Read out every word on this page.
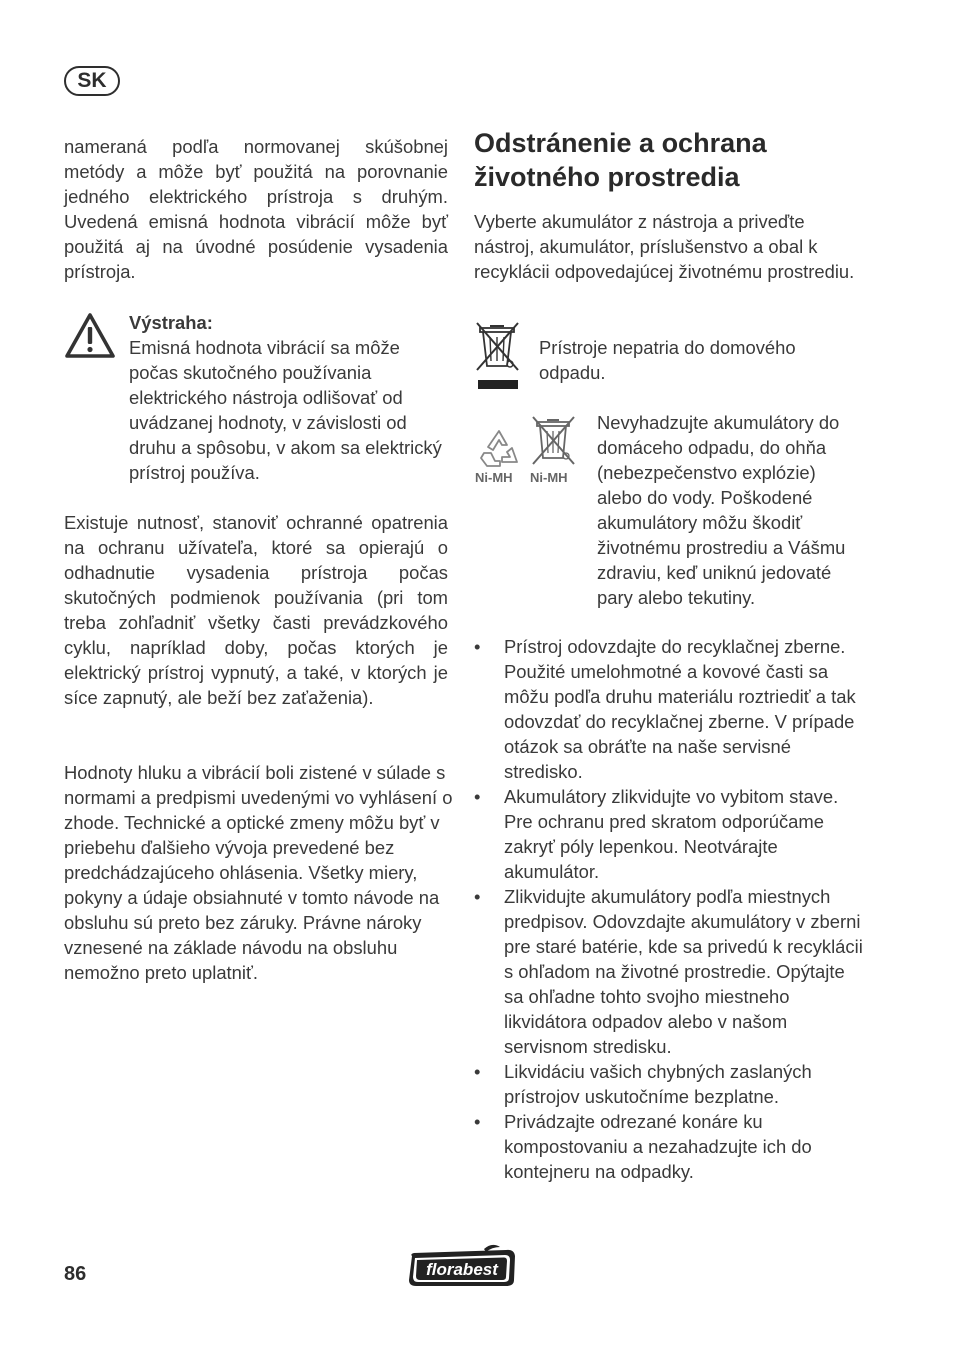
SK

nameraná podľa normovanej skúšobnej metódy a môže byť použitá na porovnanie jedného elektrického prístroja s druhým. Uvedená emisná hodnota vibrácií môže byť použitá aj na úvodné posúdenie vysadenia prístroja.

Výstraha:

Emisná hodnota vibrácií sa môže počas skutočného používania elektrického nástroja odlišovať od uvádzanej hodnoty, v závislosti od druhu a spôsobu, v akom sa elektrický prístroj používa.

Existuje nutnosť, stanoviť ochranné opatrenia na ochranu užívateľa, ktoré sa opierajú o odhadnutie vysadenia prístroja počas skutočných podmienok používania (pri tom treba zohľadniť všetky časti prevádzkového cyklu, napríklad doby, počas ktorých je elektrický prístroj vypnutý, a také, v ktorých je síce zapnutý, ale beží bez zaťaženia).

Hodnoty hluku a vibrácií boli zistené v súlade s normami a predpismi uvedenými vo vyhlásení o zhode. Technické a optické zmeny môžu byť v priebehu ďalšieho vývoja prevedené bez predchádzajúceho ohlásenia. Všetky miery, pokyny a údaje obsiahnuté v tomto návode na obsluhu sú preto bez záruky. Právne nároky vznesené na základe návodu na obsluhu nemožno preto uplatniť.

Odstránenie a ochrana životného prostredia

Vyberte akumulátor z nástroja a priveďte nástroj, akumulátor, príslušenstvo a obal k recyklácii odpovedajúcej životnému prostrediu.

Prístroje nepatria do domového odpadu.

Ni-MH Ni-MH

Nevyhadzujte akumulátory do domáceho odpadu, do ohňa (nebezpečenstvo explózie) alebo do vody. Poškodené akumulátory môžu škodiť životnému prostrediu a Vášmu zdraviu, keď uniknú jedovaté pary alebo tekutiny.

• Prístroj odovzdajte do recyklačnej zberne. Použité umelohmotné a kovové časti sa môžu podľa druhu materiálu roztriediť a tak odovzdať do recyklačnej zberne. V prípade otázok sa obráťte na naše servisné stredisko.
• Akumulátory zlikvidujte vo vybitom stave. Pre ochranu pred skratom odporúčame zakryť póly lepenkou. Neotvárajte akumulátor.
• Zlikvidujte akumulátory podľa miestnych predpisov. Odovzdajte akumulátory v zberni pre staré batérie, kde sa privedú k recyklácii s ohľadom na životné prostredie. Opýtajte sa ohľadne tohto svojho miestneho likvidátora odpadov alebo v našom servisnom stredisku.
• Likvidáciu vašich chybných zaslaných prístrojov uskutočníme bezplatne.
• Privádzajte odrezané konáre ku kompostovaniu a nezahadzujte ich do kontejneru na odpadky.
86	florabest
